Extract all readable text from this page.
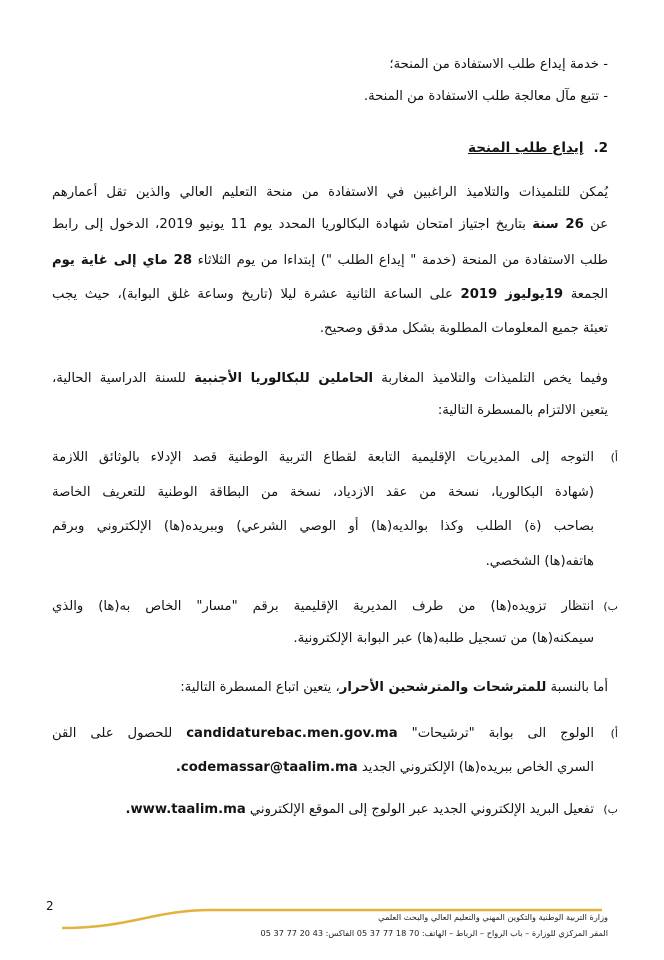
- خدمة إيداع طلب الاستفادة من المنحة؛
- تتبع مآل معالجة طلب الاستفادة من المنحة.
2.إيداع طلب المنحة
يُمكن للتلميذات والتلاميذ الراغبين في الاستفادة من منحة التعليم العالي والذين تقل أعمارهم
عن 26 سنة بتاريخ اجتياز امتحان شهادة البكالوريا المحدد يوم 11 يونيو 2019، الدخول إلى رابط
طلب الاستفادة من المنحة (خدمة " إيداع الطلب ") إبتداءا من يوم الثلاثاء 28 ماي إلى غاية يوم
الجمعة 19يوليوز 2019 على الساعة الثانية عشرة ليلا (تاريخ وساعة غلق البوابة)، حيث يجب
تعبئة جميع المعلومات المطلوبة بشكل مدقق وصحيح.
وفيما يخص التلميذات والتلاميذ المغاربة الحاملين للبكالوريا الأجنبية للسنة الدراسية الحالية،
يتعين الالتزام بالمسطرة التالية:
أ)
التوجه إلى المديريات الإقليمية التابعة لقطاع التربية الوطنية قصد الإدلاء بالوثائق اللازمة
(شهادة البكالوريا، نسخة من عقد الازدياد، نسخة من البطاقة الوطنية للتعريف الخاصة
بصاحب (ة) الطلب وكذا بوالديه(ها) أو الوصي الشرعي) وببريده(ها) الإلكتروني وبرقم
هاتفه(ها) الشخصي.
ب)
انتظار تزويده(ها) من طرف المديرية الإقليمية برقم "مسار" الخاص به(ها) والذي
سيمكنه(ها) من تسجيل طلبه(ها) عبر البوابة الإلكترونية.
أما بالنسبة للمترشحات والمترشحين الأحرار، يتعين اتباع المسطرة التالية:
أ)
الولوج الى بوابة "ترشيحات" candidaturebac.men.gov.ma للحصول على القن
السري الخاص ببريده(ها) الإلكتروني الجديد codemassar@taalim.ma.
ب)
تفعيل البريد الإلكتروني الجديد عبر الولوج إلى الموقع الإلكتروني www.taalim.ma.
2
وزارة التربية الوطنية والتكوين المهني والتعليم العالي والبحث العلمي
المقر المركزي للوزارة – باب الرواح – الرباط – الهاتف: 70 18 77 37 05 الفاكس: 43 20 77 37 05
